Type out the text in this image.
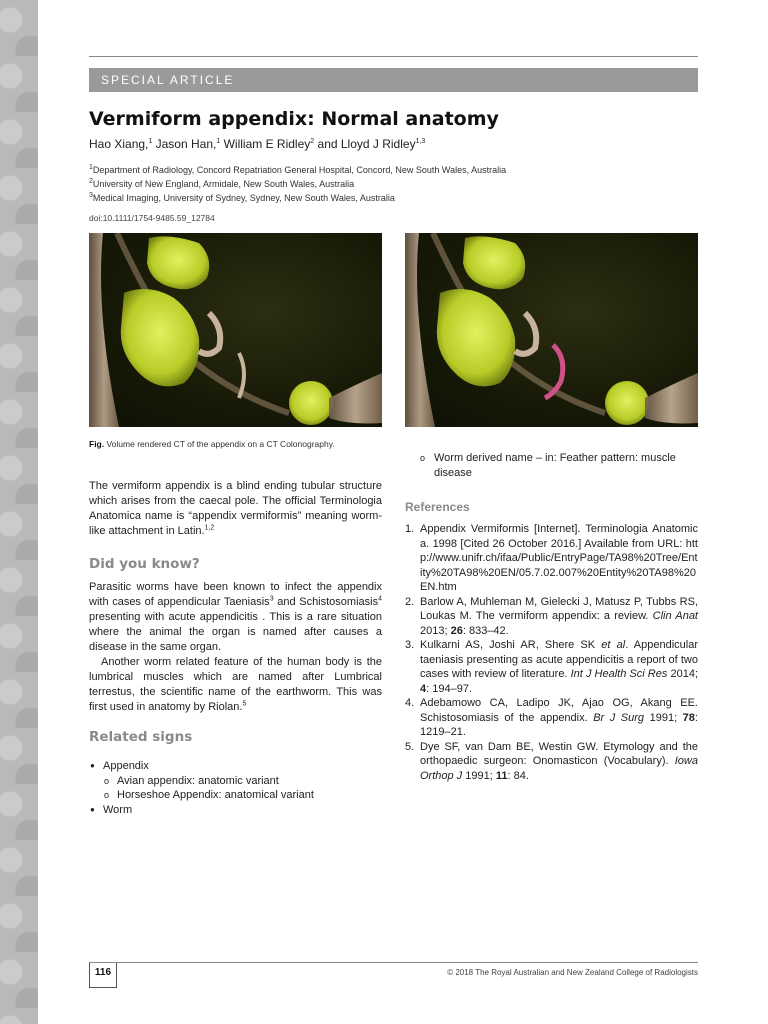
SPECIAL ARTICLE
Vermiform appendix: Normal anatomy
Hao Xiang,$^1$ Jason Han,$^1$ William E Ridley$^2$ and Lloyd J Ridley$^{1,3}$
$^1$Department of Radiology, Concord Repatriation General Hospital, Concord, New South Wales, Australia
$^2$University of New England, Armidale, New South Wales, Australia
$^3$Medical Imaging, University of Sydney, Sydney, New South Wales, Australia
doi:10.1111/1754-9485.59_12784
Fig. Volume rendered CT of the appendix on a CT Colonography.

The vermiform appendix is a blind ending tubular structure which arises from the caecal pole. The official Terminologia Anatomica name is “appendix vermiformis” meaning worm-like attachment in Latin.$^{1,2}$

Did you know?

Parasitic worms have been known to infect the appendix with cases of appendicular Taeniasis$^3$ and Schistosomiasis$^4$ presenting with acute appendicitis . This is a rare situation where the animal the organ is named after causes a disease in the same organ.

Another worm related feature of the human body is the lumbrical muscles which are named after Lumbrical terrestus, the scientific name of the earthworm. This was first used in anatomy by Riolan.$^5$

Related signs
● Appendix
o Avian appendix: anatomic variant
o Horseshoe Appendix: anatomical variant
● Worm
o Worm derived name – in: Feather pattern: muscle disease
References
1. Appendix Vermiformis [Internet]. Terminologia Anatomica. 1998 [Cited 26 October 2016.] Available from URL: http://www.unifr.ch/ifaa/Public/EntryPage/TA98%20Tree/Entity%20TA98%20EN/05.7.02.007%20Entity%20TA98%20EN.htm
2. Barlow A, Muhleman M, Gielecki J, Matusz P, Tubbs RS, Loukas M. The vermiform appendix: a review. Clin Anat 2013; 26: 833–42.
3. Kulkarni AS, Joshi AR, Shere SK et al. Appendicular taeniasis presenting as acute appendicitis a report of two cases with review of literature. Int J Health Sci Res 2014; 4: 194–97.
4. Adebamowo CA, Ladipo JK, Ajao OG, Akang EE. Schistosomiasis of the appendix. Br J Surg 1991; 78: 1219–21.
5. Dye SF, van Dam BE, Westin GW. Etymology and the orthopaedic surgeon: Onomasticon (Vocabulary). Iowa Orthop J 1991; 11: 84.
116	© 2018 The Royal Australian and New Zealand College of Radiologists
